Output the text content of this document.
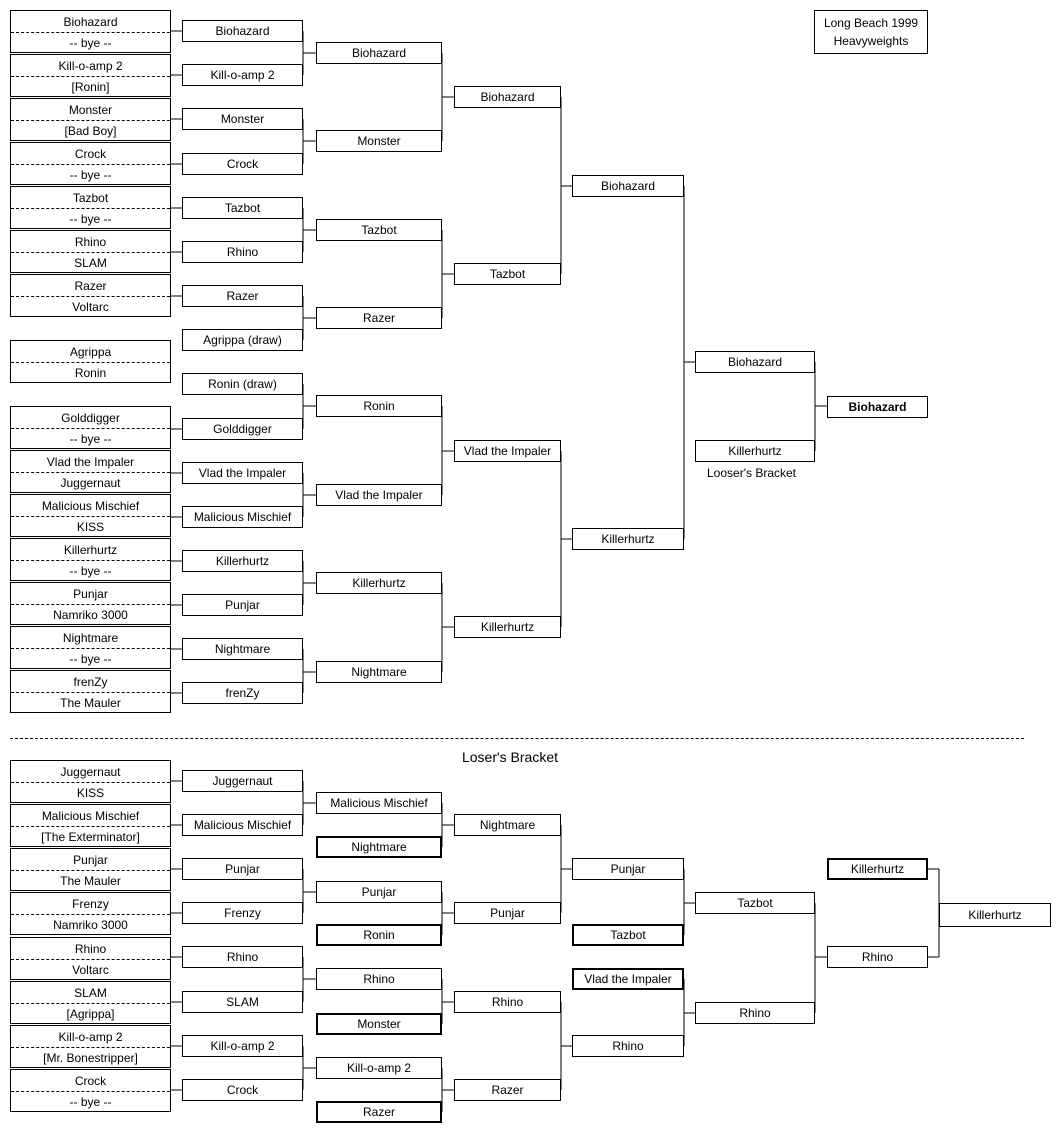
Long Beach 1999
Heavyweights
Biohazard
-- bye --
Kill-o-amp 2
[Ronin]
Monster
[Bad Boy]
Crock
-- bye --
Tazbot
-- bye --
Rhino
SLAM
Razer
Voltarc
Agrippa
Ronin
Golddigger
-- bye --
Vlad the Impaler
Juggernaut
Malicious Mischief
KISS
Killerhurtz
-- bye --
Punjar
Namriko 3000
Nightmare
-- bye --
frenZy
The Mauler
Biohazard
Kill-o-amp 2
Monster
Crock
Tazbot
Rhino
Razer
Agrippa (draw)
Ronin (draw)
Golddigger
Vlad the Impaler
Malicious Mischief
Killerhurtz
Punjar
Nightmare
frenZy
Biohazard
Monster
Tazbot
Razer
Ronin
Vlad the Impaler
Killerhurtz
Nightmare
Biohazard
Tazbot
Vlad the Impaler
Killerhurtz
Biohazard
Killerhurtz
Biohazard
Killerhurtz
Biohazard
Looser's Bracket
Juggernaut
KISS
Malicious Mischief
[The Exterminator]
Punjar
The Mauler
Frenzy
Namriko 3000
Rhino
Voltarc
SLAM
[Agrippa]
Kill-o-amp 2
[Mr. Bonestripper]
Crock
-- bye --
Juggernaut
Malicious Mischief
Punjar
Frenzy
Rhino
SLAM
Kill-o-amp 2
Crock
Malicious Mischief
Nightmare
Punjar
Ronin
Rhino
Monster
Kill-o-amp 2
Razer
Nightmare
Punjar
Rhino
Razer
Punjar
Tazbot
Vlad the Impaler
Rhino
Tazbot
Rhino
Killerhurtz
Rhino
Killerhurtz
Loser's Bracket
